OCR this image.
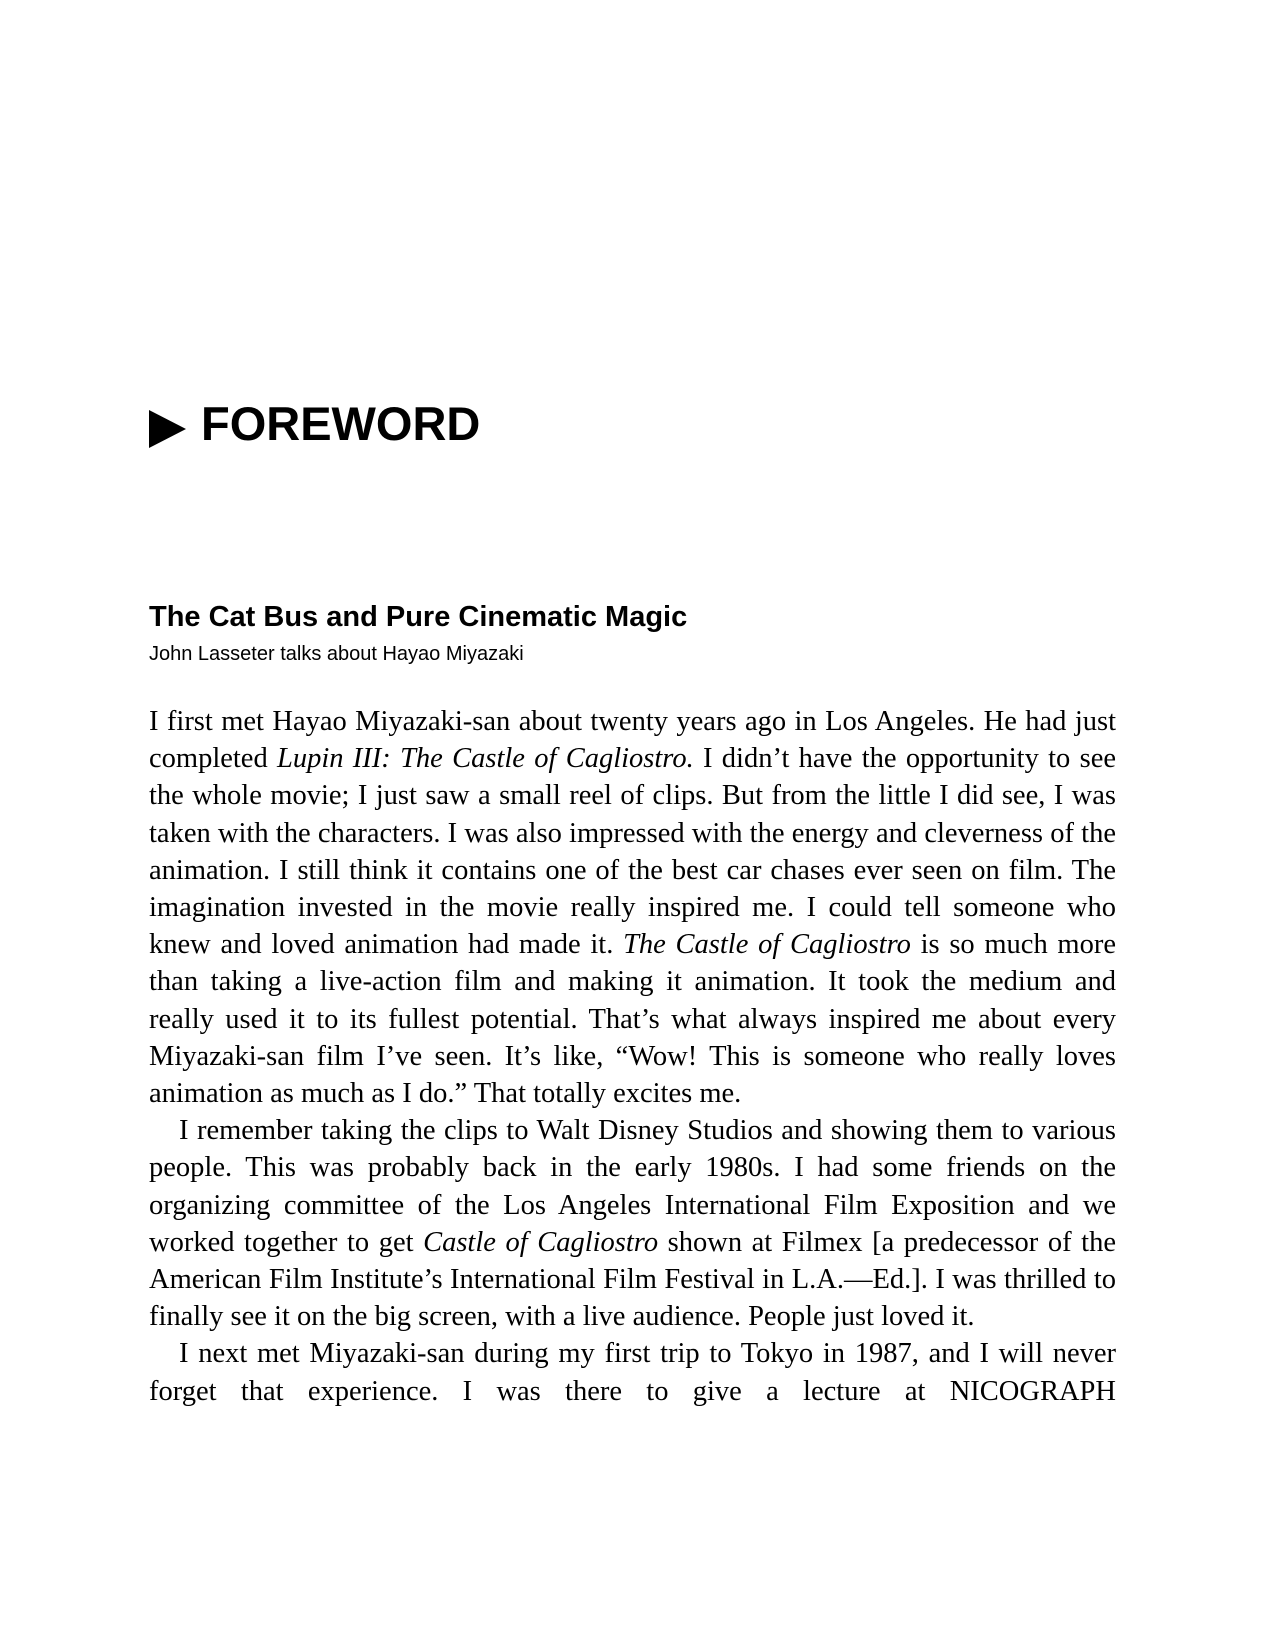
FOREWORD
The Cat Bus and Pure Cinematic Magic

John Lasseter talks about Hayao Miyazaki

I first met Hayao Miyazaki-san about twenty years ago in Los Angeles. He had just completed Lupin III: The Castle of Cagliostro. I didn’t have the opportunity to see the whole movie; I just saw a small reel of clips. But from the little I did see, I was taken with the characters. I was also impressed with the energy and cleverness of the animation. I still think it contains one of the best car chases ever seen on film. The imagination invested in the movie really inspired me. I could tell someone who knew and loved animation had made it. The Castle of Cagliostro is so much more than taking a live-action film and making it animation. It took the medium and really used it to its fullest potential. That’s what always inspired me about every Miyazaki-san film I’ve seen. It’s like, “Wow! This is someone who really loves animation as much as I do.” That totally excites me.

I remember taking the clips to Walt Disney Studios and showing them to various people. This was probably back in the early 1980s. I had some friends on the organizing committee of the Los Angeles International Film Exposition and we worked together to get Castle of Cagliostro shown at Filmex [a predecessor of the American Film Institute’s International Film Festival in L.A.—Ed.]. I was thrilled to finally see it on the big screen, with a live audience. People just loved it.

I next met Miyazaki-san during my first trip to Tokyo in 1987, and I will never forget that experience. I was there to give a lecture at NICOGRAPH
